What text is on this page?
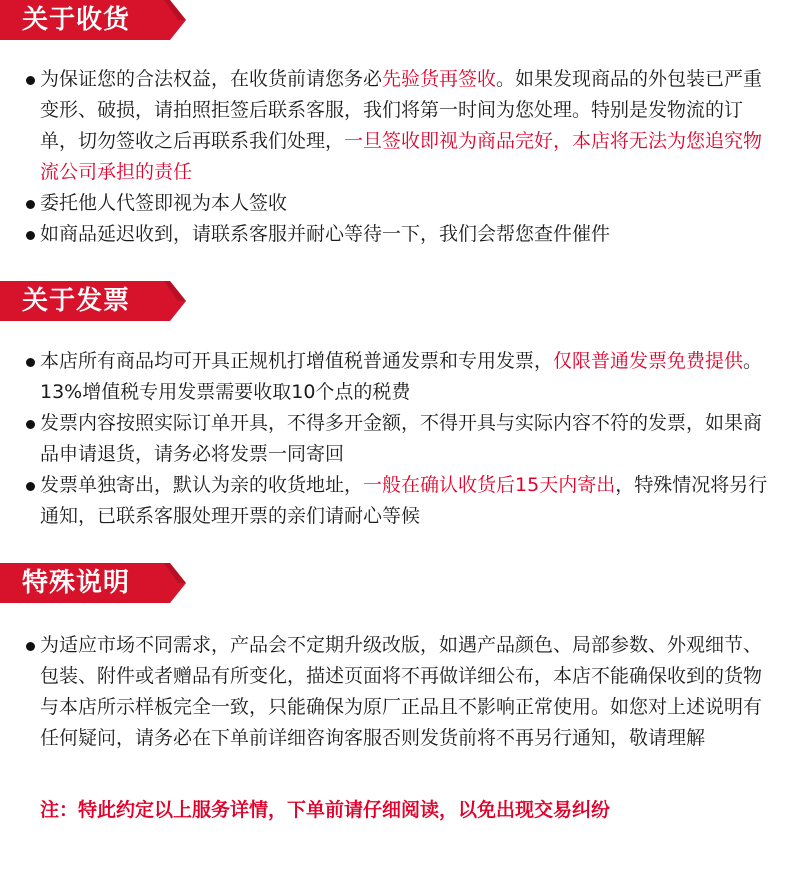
关于收货
为保证您的合法权益，在收货前请您务必先验货再签收。如果发现商品的外包装已严重变形、破损，请拍照拒签后联系客服，我们将第一时间为您处理。特别是发物流的订单，切勿签收之后再联系我们处理，一旦签收即视为商品完好，本店将无法为您追究物流公司承担的责任
委托他人代签即视为本人签收
如商品延迟收到，请联系客服并耐心等待一下，我们会帮您查件催件
关于发票
本店所有商品均可开具正规机打增值税普通发票和专用发票，仅限普通发票免费提供。13%增值税专用发票需要收取10个点的税费
发票内容按照实际订单开具，不得多开金额，不得开具与实际内容不符的发票，如果商品申请退货，请务必将发票一同寄回
发票单独寄出，默认为亲的收货地址，一般在确认收货后15天内寄出，特殊情况将另行通知，已联系客服处理开票的亲们请耐心等候
特殊说明
为适应市场不同需求，产品会不定期升级改版，如遇产品颜色、局部参数、外观细节、包装、附件或者赠品有所变化，描述页面将不再做详细公布，本店不能确保收到的货物与本店所示样板完全一致，只能确保为原厂正品且不影响正常使用。如您对上述说明有任何疑问，请务必在下单前详细咨询客服否则发货前将不再另行通知，敬请理解
注：特此约定以上服务详情，下单前请仔细阅读，以免出现交易纠纷
